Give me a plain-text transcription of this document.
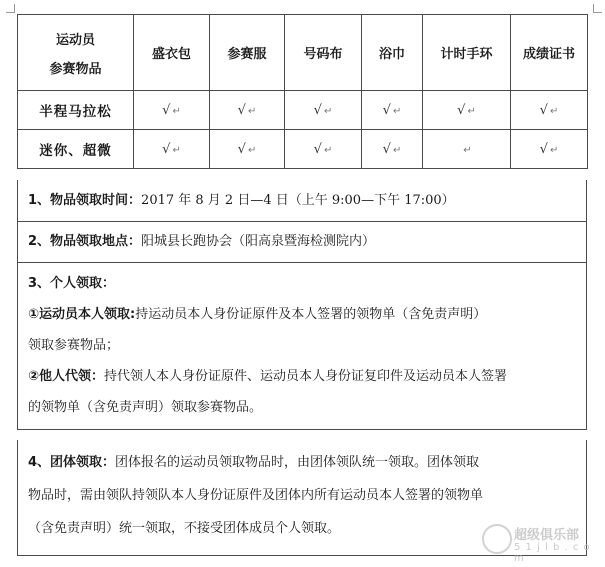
运动员
参赛物品	盛衣包	参赛服	号码布	浴巾	计时手环	成绩证书
半程马拉松	√ ↵	√ ↵	√ ↵	√ ↵	√ ↵	√ ↵
迷你、超微	√ ↵	√ ↵	√ ↵	√ ↵	↵	√ ↵

1、物品领取时间：2017 年 8 月 2 日—4 日（上午 9:00—下午 17:00）

2、物品领取地点：阳城县长跑协会（阳高泉暨海检测院内）

3、个人领取：

①运动员本人领取:持运动员本人身份证原件及本人签署的领物单（含免责声明）

领取参赛物品；

②他人代领：持代领人本人身份证原件、运动员本人身份证复印件及运动员本人签署

的领物单（含免责声明）领取参赛物品。

4、团体领取：团体报名的运动员领取物品时，由团体领队统一领取。团体领取

物品时，需由领队持领队本人身份证原件及团体内所有运动员本人签署的领物单

（含免责声明）统一领取，不接受团体成员个人领取。	超级俱乐部
5 1 j l b . c o m
